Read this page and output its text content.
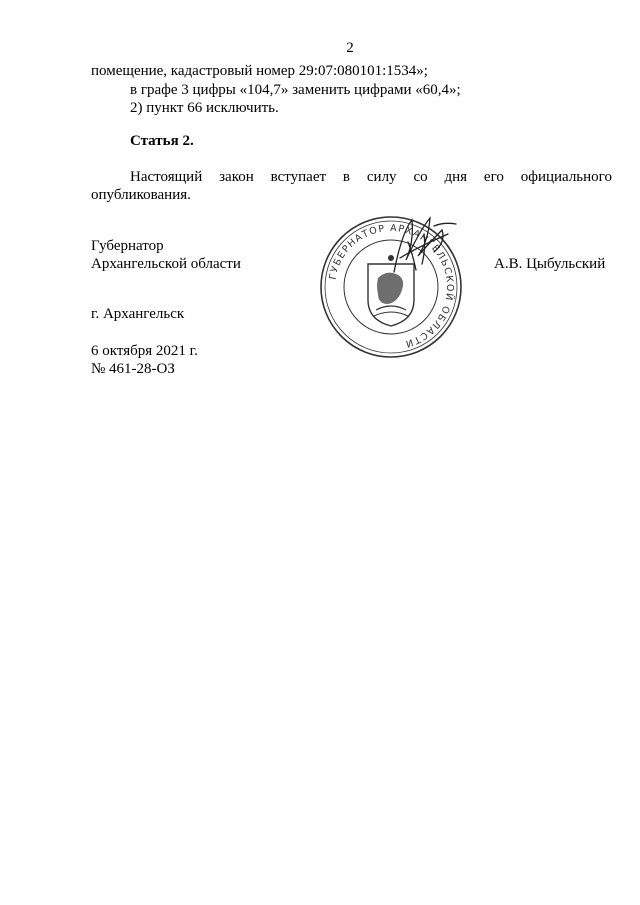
2
помещение, кадастровый номер 29:07:080101:1534»;
в графе 3 цифры «104,7» заменить цифрами «60,4»;
2) пункт 66 исключить.
Статья 2.
Настоящий закон вступает в силу со дня его официального
опубликования.
Губернатор
Архангельской области	А.В. Цыбульский
ГУБЕРНАТОР АРХАНГЕЛЬСКОЙ ОБЛАСТИ
г. Архангельск
6 октября 2021 г.
№ 461-28-ОЗ
